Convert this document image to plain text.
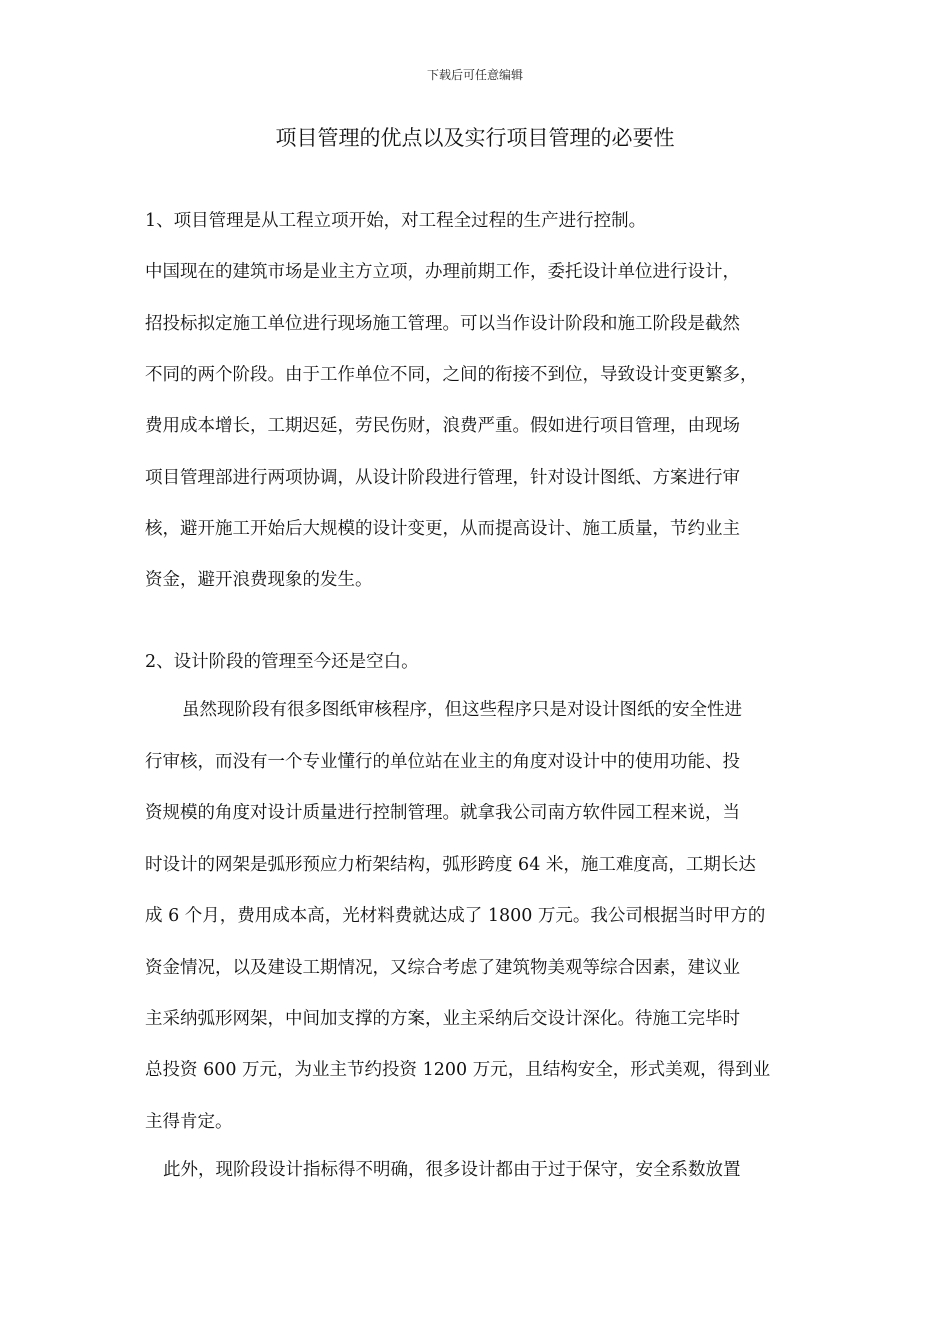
下载后可任意编辑
项目管理的优点以及实行项目管理的必要性
1、项目管理是从工程立项开始，对工程全过程的生产进行控制。
中国现在的建筑市场是业主方立项，办理前期工作，委托设计单位进行设计，
招投标拟定施工单位进行现场施工管理。可以当作设计阶段和施工阶段是截然
不同的两个阶段。由于工作单位不同，之间的衔接不到位，导致设计变更繁多，
费用成本增长，工期迟延，劳民伤财，浪费严重。假如进行项目管理，由现场
项目管理部进行两项协调，从设计阶段进行管理，针对设计图纸、方案进行审
核，避开施工开始后大规模的设计变更，从而提高设计、施工质量，节约业主
资金，避开浪费现象的发生。
2、设计阶段的管理至今还是空白。
虽然现阶段有很多图纸审核程序，但这些程序只是对设计图纸的安全性进
行审核，而没有一个专业懂行的单位站在业主的角度对设计中的使用功能、投
资规模的角度对设计质量进行控制管理。就拿我公司南方软件园工程来说，当
时设计的网架是弧形预应力桁架结构，弧形跨度 64 米，施工难度高，工期长达
成 6 个月，费用成本高，光材料费就达成了 1800 万元。我公司根据当时甲方的
资金情况，以及建设工期情况，又综合考虑了建筑物美观等综合因素，建议业
主采纳弧形网架，中间加支撑的方案，业主采纳后交设计深化。待施工完毕时
总投资 600 万元，为业主节约投资 1200 万元，且结构安全，形式美观，得到业
主得肯定。
此外，现阶段设计指标得不明确，很多设计都由于过于保守，安全系数放置
